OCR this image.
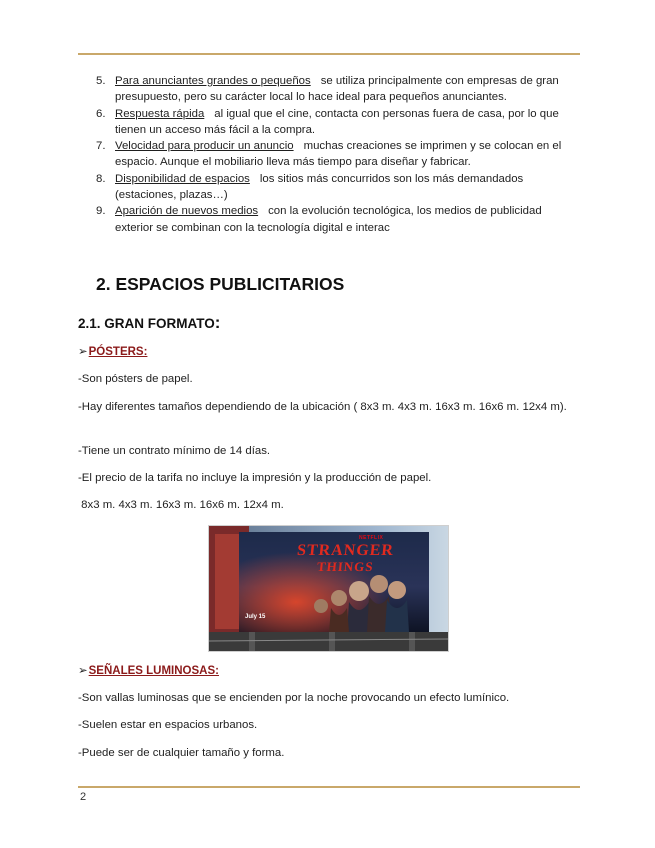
5. Para anunciantes grandes o pequeños se utiliza principalmente con empresas de gran presupuesto, pero su carácter local lo hace ideal para pequeños anunciantes.
6. Respuesta rápida al igual que el cine, contacta con personas fuera de casa, por lo que tienen un acceso más fácil a la compra.
7. Velocidad para producir un anuncio muchas creaciones se imprimen y se colocan en el espacio. Aunque el mobiliario lleva más tiempo para diseñar y fabricar.
8. Disponibilidad de espacios los sitios más concurridos son los más demandados (estaciones, plazas…)
9. Aparición de nuevos medios con la evolución tecnológica, los medios de publicidad exterior se combinan con la tecnología digital e interac
2. ESPACIOS PUBLICITARIOS
2.1. GRAN FORMATO:
➢PÓSTERS:
-Son pósters de papel.
-Hay diferentes tamaños dependiendo de la ubicación ( 8x3 m. 4x3 m. 16x3 m. 16x6 m. 12x4 m).
-Tiene un contrato mínimo de 14 días.
-El precio de la tarifa no incluye la impresión y la producción de papel.
8x3 m. 4x3 m. 16x3 m. 16x6 m. 12x4 m.
NETFLIX
STRANGER
THINGS
July 15
➢SEÑALES LUMINOSAS:
-Son vallas luminosas que se encienden por la noche provocando un efecto lumínico.
-Suelen estar en espacios urbanos.
-Puede ser de cualquier tamaño y forma.
2
